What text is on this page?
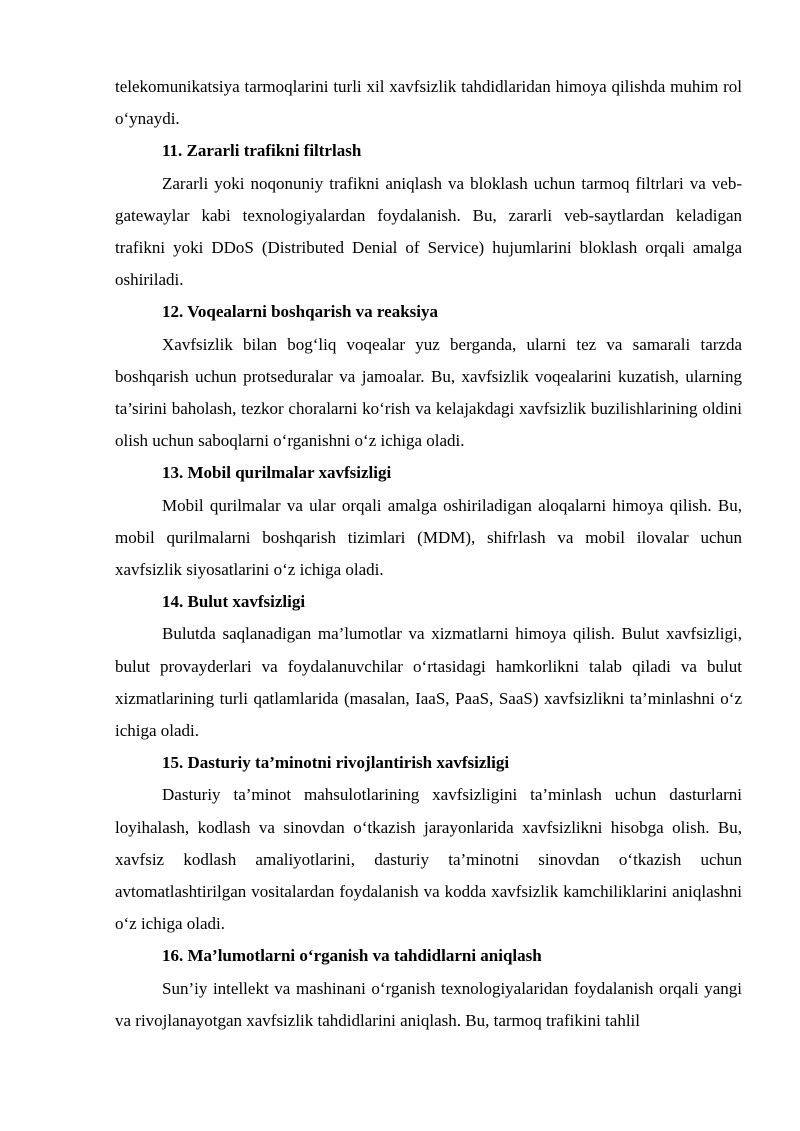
telekomunikatsiya tarmoqlarini turli xil xavfsizlik tahdidlaridan himoya qilishda muhim rol o‘ynaydi.

11. Zararli trafikni filtrlash

Zararli yoki noqonuniy trafikni aniqlash va bloklash uchun tarmoq filtrlari va veb-gatewaylar kabi texnologiyalardan foydalanish. Bu, zararli veb-saytlardan keladigan trafikni yoki DDoS (Distributed Denial of Service) hujumlarini bloklash orqali amalga oshiriladi.

12. Voqealarni boshqarish va reaksiya

Xavfsizlik bilan bog‘liq voqealar yuz berganda, ularni tez va samarali tarzda boshqarish uchun protseduralar va jamoalar. Bu, xavfsizlik voqealarini kuzatish, ularning ta’sirini baholash, tezkor choralarni ko‘rish va kelajakdagi xavfsizlik buzilishlarining oldini olish uchun saboqlarni o‘rganishni o‘z ichiga oladi.

13. Mobil qurilmalar xavfsizligi

Mobil qurilmalar va ular orqali amalga oshiriladigan aloqalarni himoya qilish. Bu, mobil qurilmalarni boshqarish tizimlari (MDM), shifrlash va mobil ilovalar uchun xavfsizlik siyosatlarini o‘z ichiga oladi.

14. Bulut xavfsizligi

Bulutda saqlanadigan ma’lumotlar va xizmatlarni himoya qilish. Bulut xavfsizligi, bulut provayderlari va foydalanuvchilar o‘rtasidagi hamkorlikni talab qiladi va bulut xizmatlarining turli qatlamlarida (masalan, IaaS, PaaS, SaaS) xavfsizlikni ta’minlashni o‘z ichiga oladi.

15. Dasturiy ta’minotni rivojlantirish xavfsizligi

Dasturiy ta’minot mahsulotlarining xavfsizligini ta’minlash uchun dasturlarni loyihalash, kodlash va sinovdan o‘tkazish jarayonlarida xavfsizlikni hisobga olish. Bu, xavfsiz kodlash amaliyotlarini, dasturiy ta’minotni sinovdan o‘tkazish uchun avtomatlashtirilgan vositalardan foydalanish va kodda xavfsizlik kamchiliklarini aniqlashni o‘z ichiga oladi.

16. Ma’lumotlarni o‘rganish va tahdidlarni aniqlash

Sun’iy intellekt va mashinani o‘rganish texnologiyalaridan foydalanish orqali yangi va rivojlanayotgan xavfsizlik tahdidlarini aniqlash. Bu, tarmoq trafikini tahlil
